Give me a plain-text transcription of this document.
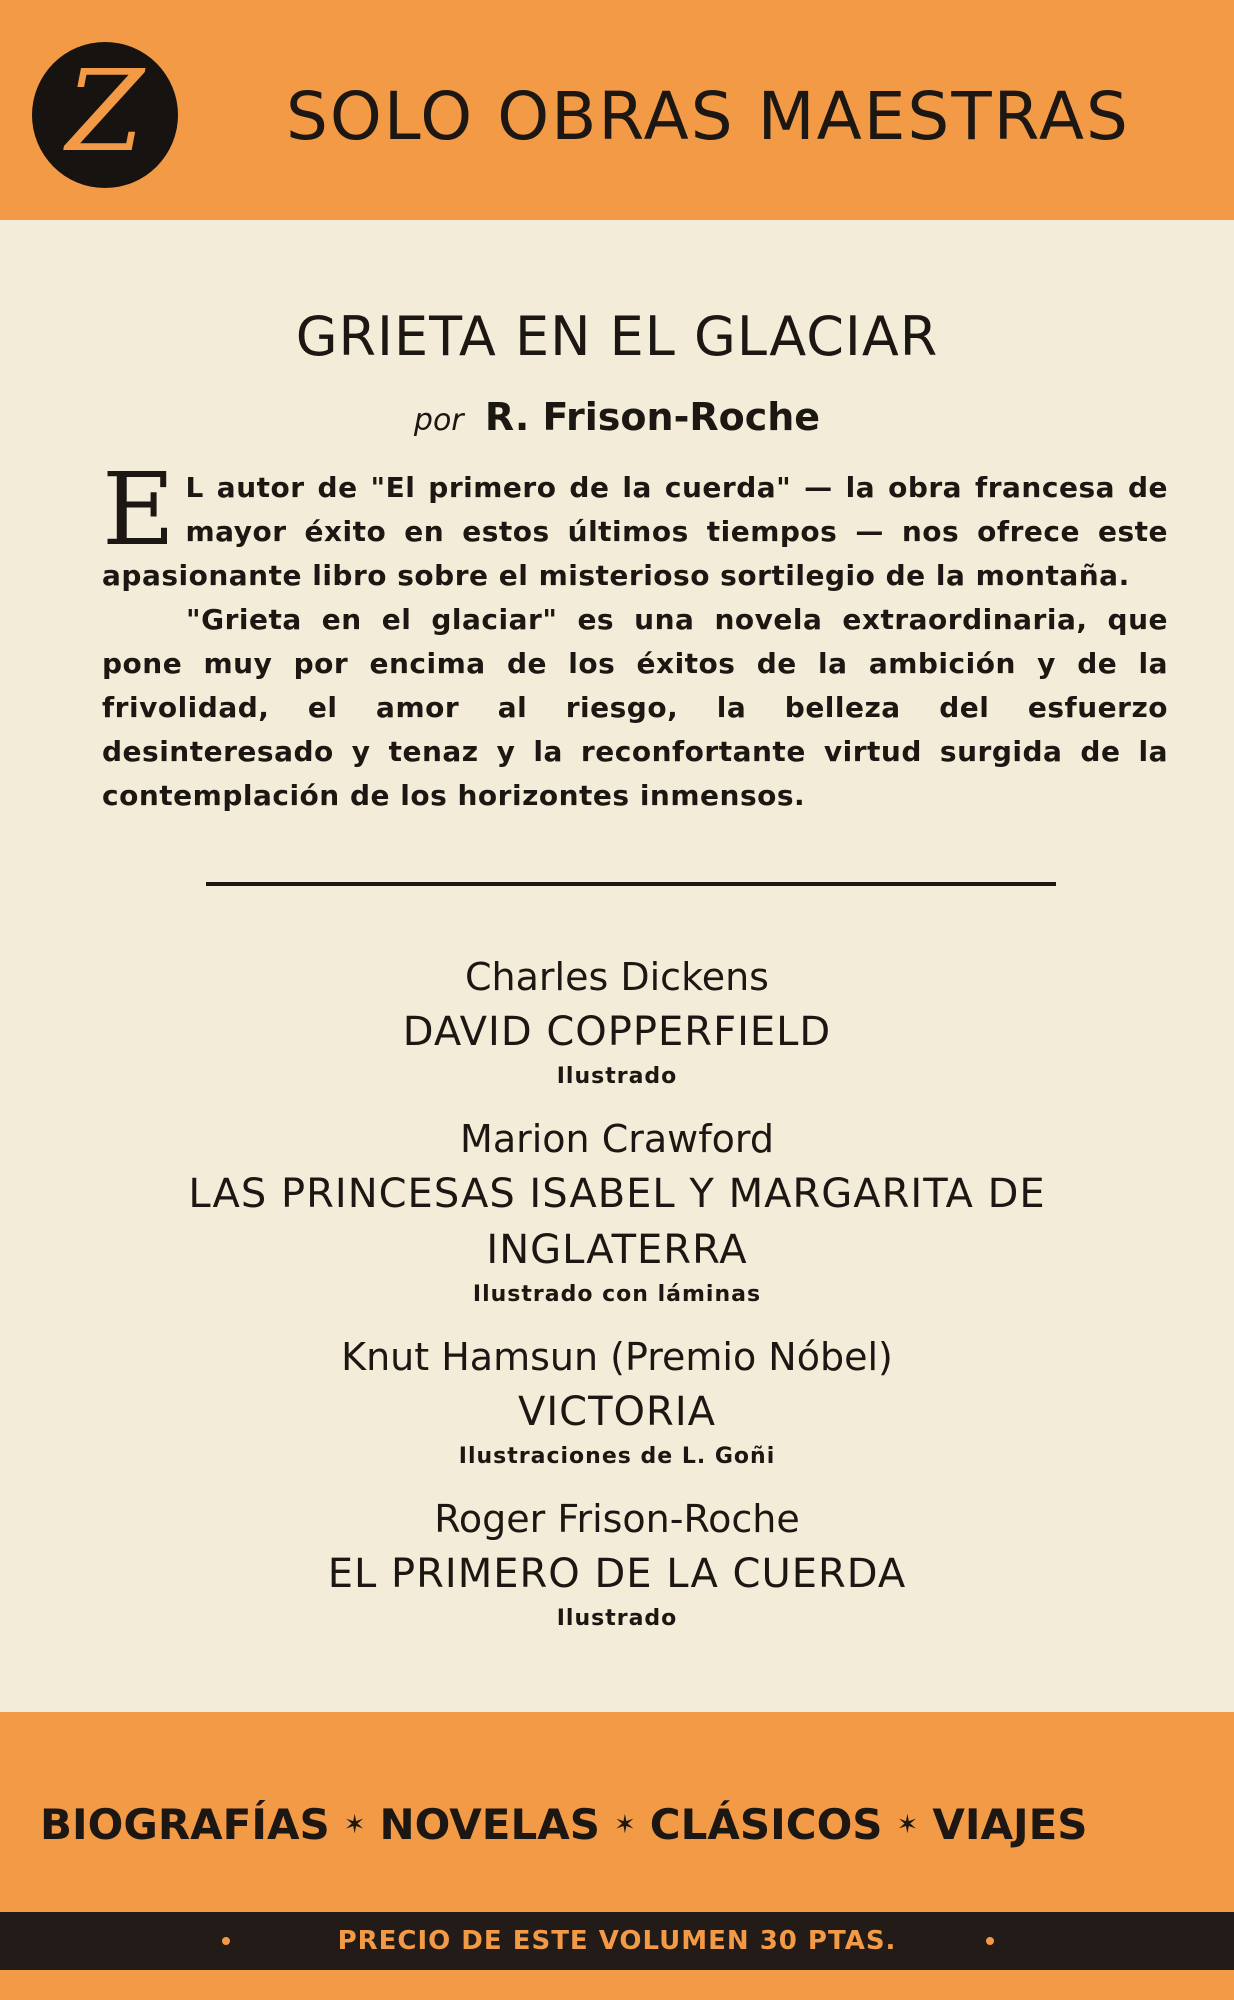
Z SOLO OBRAS MAESTRAS
GRIETA EN EL GLACIAR
por R. Frison-Roche

E L autor de "El primero de la cuerda" — la obra francesa de mayor éxito en estos últimos tiempos — nos ofrece este apasionante libro sobre el misterioso sortilegio de la montaña.

"Grieta en el glaciar" es una novela extraordinaria, que pone muy por encima de los éxitos de la ambición y de la frivolidad, el amor al riesgo, la belleza del esfuerzo desinteresado y tenaz y la reconfortante virtud surgida de la contemplación de los horizontes inmensos.

Charles Dickens
DAVID COPPERFIELD
Ilustrado
Marion Crawford
LAS PRINCESAS ISABEL Y MARGARITA DE INGLATERRA
Ilustrado con láminas
Knut Hamsun (Premio Nóbel)
VICTORIA
Ilustraciones de L. Goñi
Roger Frison-Roche
EL PRIMERO DE LA CUERDA
Ilustrado
BIOGRAFÍAS ✶ NOVELAS ✶ CLÁSICOS ✶ VIAJES
PRECIO DE ESTE VOLUMEN 30 PTAS.
